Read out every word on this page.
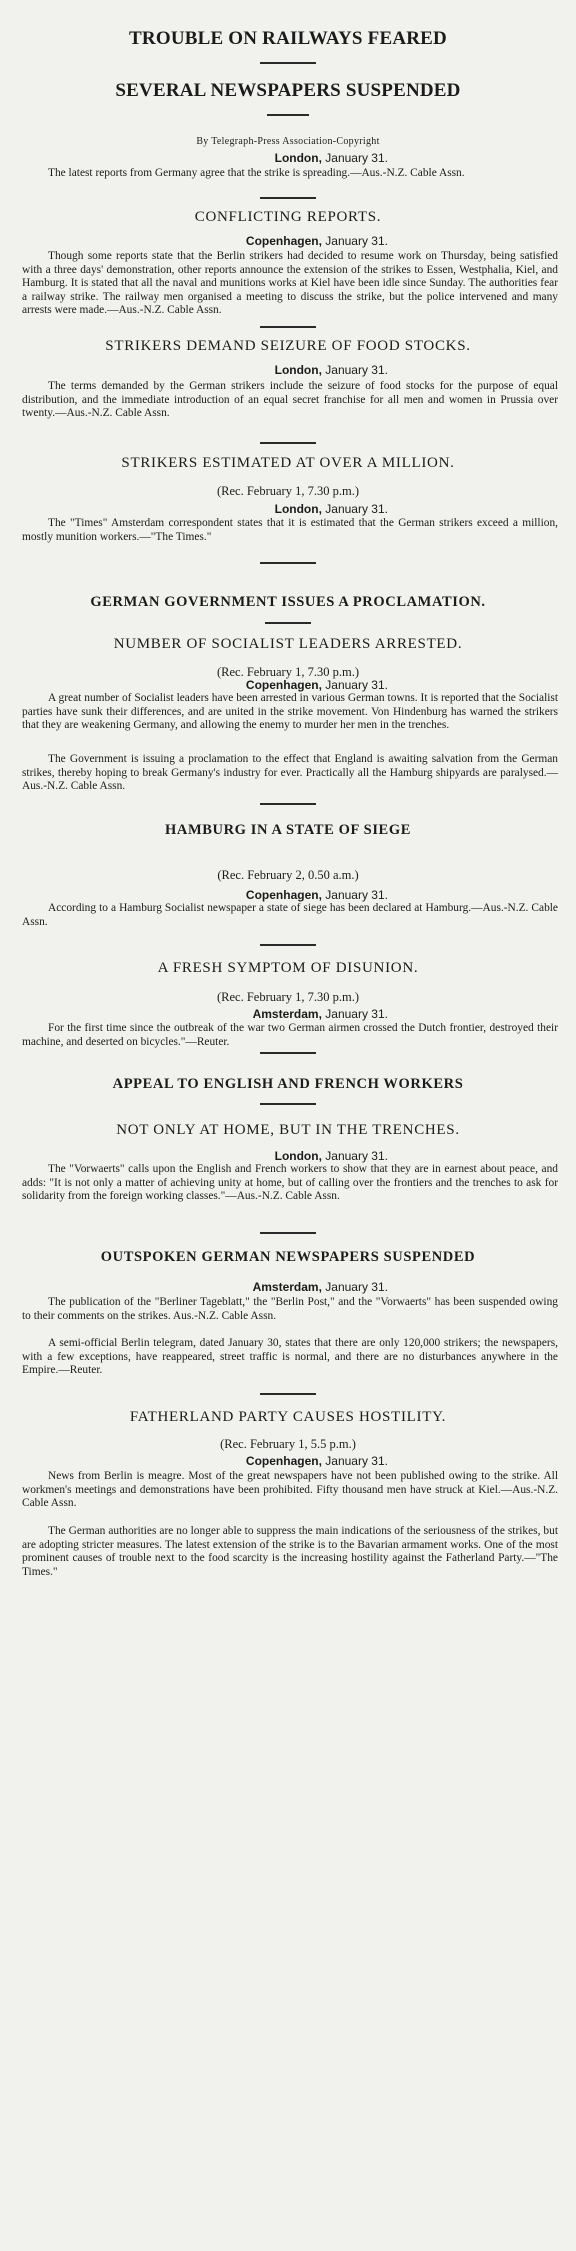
TROUBLE ON RAILWAYS FEARED
SEVERAL NEWSPAPERS SUSPENDED
By Telegraph-Press Association-Copyright
London, January 31.
The latest reports from Germany agree that the strike is spreading.—Aus.-N.Z. Cable Assn.
CONFLICTING REPORTS.
Copenhagen, January 31.
Though some reports state that the Berlin strikers had decided to resume work on Thursday, being satisfied with a three days' demonstration, other reports announce the extension of the strikes to Essen, Westphalia, Kiel, and Hamburg. It is stated that all the naval and munitions works at Kiel have been idle since Sunday. The authorities fear a railway strike. The railway men organised a meeting to discuss the strike, but the police intervened and many arrests were made.—Aus.-N.Z. Cable Assn.
STRIKERS DEMAND SEIZURE OF FOOD STOCKS.
London, January 31.
The terms demanded by the German strikers include the seizure of food stocks for the purpose of equal distribution, and the immediate introduction of an equal secret franchise for all men and women in Prussia over twenty.—Aus.-N.Z. Cable Assn.
STRIKERS ESTIMATED AT OVER A MILLION.
(Rec. February 1, 7.30 p.m.)
London, January 31.
The "Times" Amsterdam correspondent states that it is estimated that the German strikers exceed a million, mostly munition workers.—"The Times."
GERMAN GOVERNMENT ISSUES A PROCLAMATION.
NUMBER OF SOCIALIST LEADERS ARRESTED.
(Rec. February 1, 7.30 p.m.)
Copenhagen, January 31.
A great number of Socialist leaders have been arrested in various German towns. It is reported that the Socialist parties have sunk their differences, and are united in the strike movement. Von Hindenburg has warned the strikers that they are weakening Germany, and allowing the enemy to murder her men in the trenches.
The Government is issuing a proclamation to the effect that England is awaiting salvation from the German strikes, thereby hoping to break Germany's industry for ever. Practically all the Hamburg shipyards are paralysed.—Aus.-N.Z. Cable Assn.
HAMBURG IN A STATE OF SIEGE
(Rec. February 2, 0.50 a.m.)
Copenhagen, January 31.
According to a Hamburg Socialist newspaper a state of siege has been declared at Hamburg.—Aus.-N.Z. Cable Assn.
A FRESH SYMPTOM OF DISUNION.
(Rec. February 1, 7.30 p.m.)
Amsterdam, January 31.
For the first time since the outbreak of the war two German airmen crossed the Dutch frontier, destroyed their machine, and deserted on bicycles."—Reuter.
APPEAL TO ENGLISH AND FRENCH WORKERS
NOT ONLY AT HOME, BUT IN THE TRENCHES.
London, January 31.
The "Vorwaerts" calls upon the English and French workers to show that they are in earnest about peace, and adds: "It is not only a matter of achieving unity at home, but of calling over the frontiers and the trenches to ask for solidarity from the foreign working classes."—Aus.-N.Z. Cable Assn.
OUTSPOKEN GERMAN NEWSPAPERS SUSPENDED
Amsterdam, January 31.
The publication of the "Berliner Tageblatt," the "Berlin Post," and the "Vorwaerts" has been suspended owing to their comments on the strikes. Aus.-N.Z. Cable Assn.
A semi-official Berlin telegram, dated January 30, states that there are only 120,000 strikers; the newspapers, with a few exceptions, have reappeared, street traffic is normal, and there are no disturbances anywhere in the Empire.—Reuter.
FATHERLAND PARTY CAUSES HOSTILITY.
(Rec. February 1, 5.5 p.m.)
Copenhagen, January 31.
News from Berlin is meagre. Most of the great newspapers have not been published owing to the strike. All workmen's meetings and demonstrations have been prohibited. Fifty thousand men have struck at Kiel.—Aus.-N.Z. Cable Assn.
The German authorities are no longer able to suppress the main indications of the seriousness of the strikes, but are adopting stricter measures. The latest extension of the strike is to the Bavarian armament works. One of the most prominent causes of trouble next to the food scarcity is the increasing hostility against the Fatherland Party.—"The Times."
